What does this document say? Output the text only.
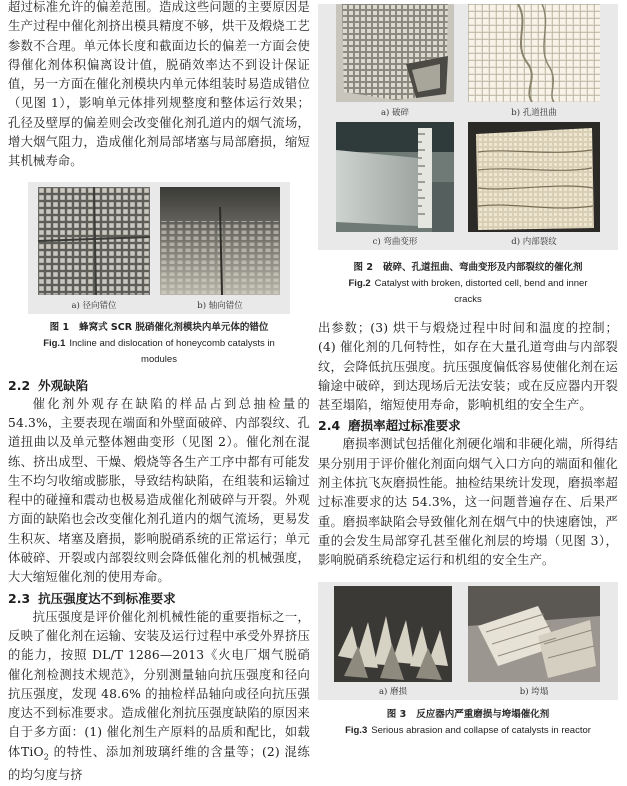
超过标准允许的偏差范围。造成这些问题的主要原因是生产过程中催化剂挤出模具精度不够，烘干及煅烧工艺参数不合理。单元体长度和截面边长的偏差一方面会使得催化剂体积偏离设计值，脱硝效率达不到设计保证值，另一方面在催化剂模块内单元体组装时易造成错位（见图 1），影响单元体排列规整度和整体运行效果；孔径及壁厚的偏差则会改变催化剂孔道内的烟气流场，增大烟气阻力，造成催化剂局部堵塞与局部磨损，缩短其机械寿命。

a) 径向错位	b) 轴向错位
图 1 蜂窝式 SCR 脱硝催化剂模块内单元体的错位
Fig.1 Incline and dislocation of honeycomb catalysts in modules
2.2 外观缺陷

催化剂外观存在缺陷的样品占到总抽检量的 54.3%，主要表现在端面和外壁面破碎、内部裂纹、孔道扭曲以及单元整体翘曲变形（见图 2）。催化剂在混练、挤出成型、干燥、煅烧等各生产工序中都有可能发生不均匀收缩或膨胀，导致结构缺陷，在组装和运输过程中的碰撞和震动也极易造成催化剂破碎与开裂。外观方面的缺陷也会改变催化剂孔道内的烟气流场，更易发生积灰、堵塞及磨损，影响脱硝系统的正常运行；单元体破碎、开裂或内部裂纹则会降低催化剂的机械强度，大大缩短催化剂的使用寿命。

2.3 抗压强度达不到标准要求

抗压强度是评价催化剂机械性能的重要指标之一，反映了催化剂在运输、安装及运行过程中承受外界挤压的能力，按照 DL/T 1286—2013《火电厂烟气脱硝催化剂检测技术规范》，分别测量轴向抗压强度和径向抗压强度，发现 48.6% 的抽检样品轴向或径向抗压强度达不到标准要求。造成催化剂抗压强度缺陷的原因来自于多方面：(1) 催化剂生产原料的品质和配比，如载体TiO$_2$ 的特性、添加剂玻璃纤维的含量等；(2) 混练的均匀度与挤

a) 破碎	b) 孔道扭曲
c) 弯曲变形	d) 内部裂纹
图 2 破碎、孔道扭曲、弯曲变形及内部裂纹的催化剂
Fig.2 Catalyst with broken, distorted cell, bend and inner cracks

出参数；(3) 烘干与煅烧过程中时间和温度的控制；(4) 催化剂的几何特性，如存在大量孔道弯曲与内部裂纹，会降低抗压强度。抗压强度偏低容易使催化剂在运输途中破碎，到达现场后无法安装；或在反应器内开裂甚至塌陷，缩短使用寿命，影响机组的安全生产。

2.4 磨损率超过标准要求

磨损率测试包括催化剂硬化端和非硬化端，所得结果分别用于评价催化剂面向烟气入口方向的端面和催化剂主体抗飞灰磨损性能。抽检结果统计发现，磨损率超过标准要求的达 54.3%，这一问题普遍存在、后果严重。磨损率缺陷会导致催化剂在烟气中的快速磨蚀，严重的会发生局部穿孔甚至催化剂层的垮塌（见图 3），影响脱硝系统稳定运行和机组的安全生产。

a) 磨损	b) 垮塌
图 3 反应器内严重磨损与垮塌催化剂
Fig.3 Serious abrasion and collapse of catalysts in reactor
